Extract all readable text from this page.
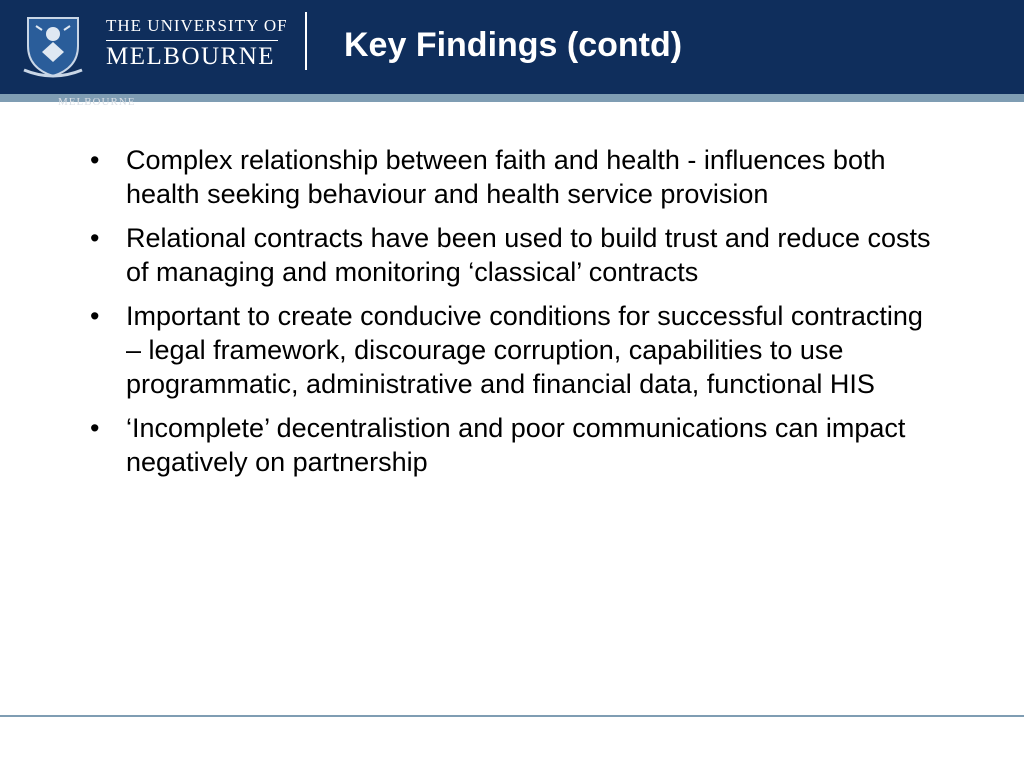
THE UNIVERSITY OF
MELBOURNE	Key Findings (contd)
MELBOURNE
• Complex relationship between faith and health - influences both health seeking behaviour and health service provision
• Relational contracts have been used to build trust and reduce costs of managing and monitoring ‘classical’ contracts
• Important to create conducive conditions for successful contracting – legal framework, discourage corruption, capabilities to use programmatic, administrative and financial data, functional HIS
• ‘Incomplete’ decentralistion and poor communications can impact negatively on partnership
